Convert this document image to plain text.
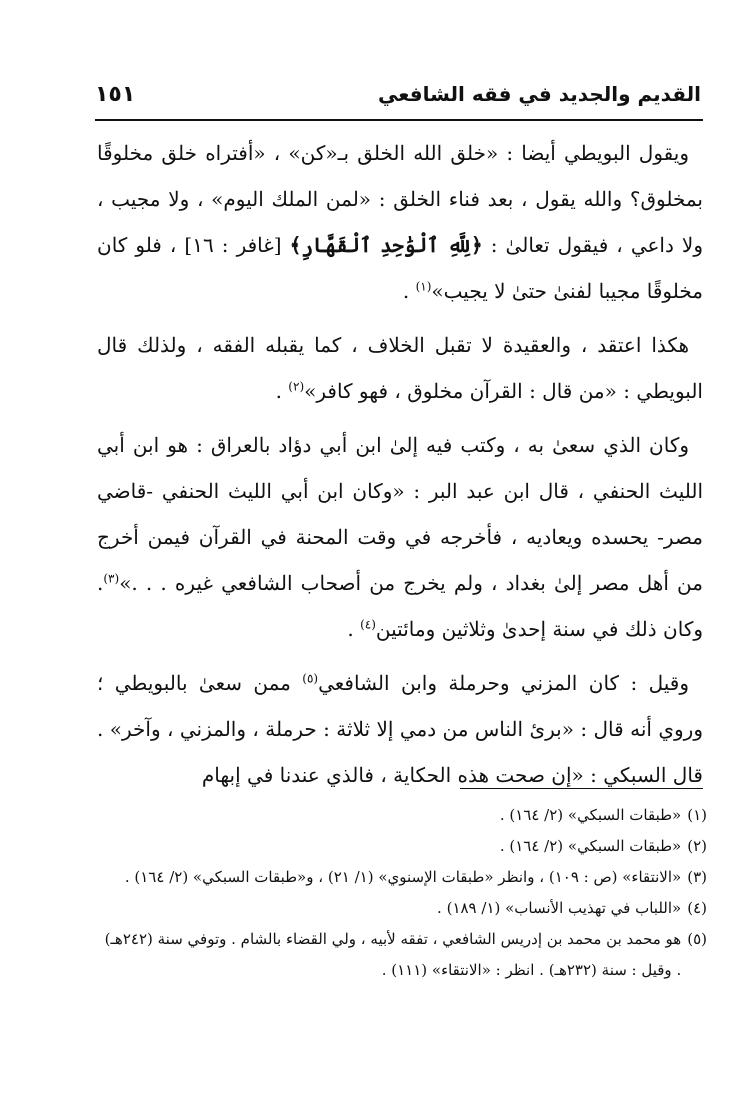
القديم والجديد في فقه الشافعي
١٥١

ويقول البويطي أيضا : «خلق الله الخلق بـ«كن» ، «أفتراه خلق مخلوقًا بمخلوق؟ والله يقول ، بعد فناء الخلق : «لمن الملك اليوم» ، ولا مجيب ، ولا داعي ، فيقول تعالىٰ : ﴿لِلَّهِ ٱلْوَٰحِدِ ٱلْقَهَّارِ﴾ [غافر : ١٦] ، فلو كان مخلوقًا مجيبا لفنىٰ حتىٰ لا يجيب»$^{(١)}$ .

هكذا اعتقد ، والعقيدة لا تقبل الخلاف ، كما يقبله الفقه ، ولذلك قال البويطي : «من قال : القرآن مخلوق ، فهو كافر»$^{(٢)}$ .

وكان الذي سعىٰ به ، وكتب فيه إلىٰ ابن أبي دؤاد بالعراق : هو ابن أبي الليث الحنفي ، قال ابن عبد البر : «وكان ابن أبي الليث الحنفي -قاضي مصر- يحسده ويعاديه ، فأخرجه في وقت المحنة في القرآن فيمن أخرج من أهل مصر إلىٰ بغداد ، ولم يخرج من أصحاب الشافعي غيره . . .»$^{(٣)}$. وكان ذلك في سنة إحدىٰ وثلاثين ومائتين$^{(٤)}$ .

وقيل : كان المزني وحرملة وابن الشافعي$^{(٥)}$ ممن سعىٰ بالبويطي ؛ وروي أنه قال : «برئ الناس من دمي إلا ثلاثة : حرملة ، والمزني ، وآخر» . قال السبكي : «إن صحت هذه الحكاية ، فالذي عندنا في إبهام

(١)
«طبقات السبكي» (٢/ ١٦٤) .
(٢)
«طبقات السبكي» (٢/ ١٦٤) .
(٣)
«الانتقاء» (ص : ١٠٩) ، وانظر «طبقات الإسنوي» (١/ ٢١) ، و«طبقات السبكي» (٢/ ١٦٤) .
(٤)
«اللباب في تهذيب الأنساب» (١/ ١٨٩) .
(٥)
هو محمد بن محمد بن إدريس الشافعي ، تفقه لأبيه ، ولي القضاء بالشام . وتوفي سنة (٢٤٢هـ) . وقيل : سنة (٢٣٢هـ) . انظر : «الانتقاء» (١١١) .
